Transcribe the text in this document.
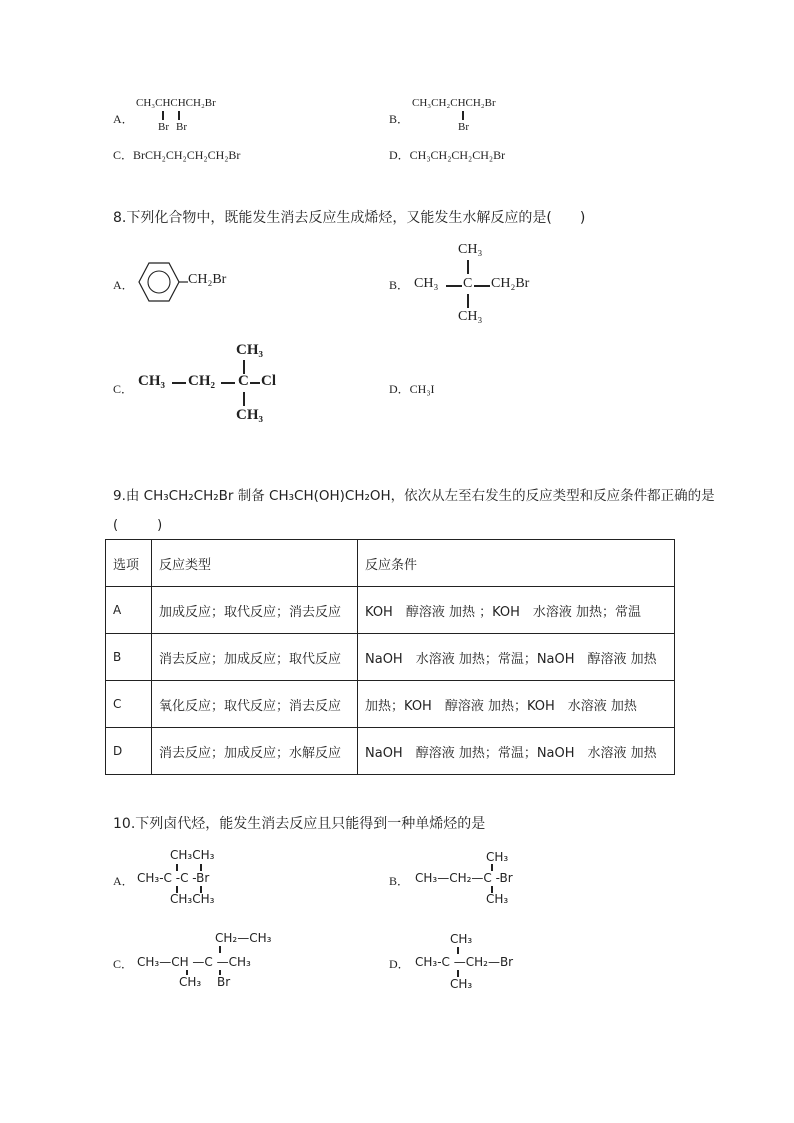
A．
CH₃CHCHCH₂Br
Br Br
B．
CH₃CH₂CHCH₂Br
Br
C．BrCH₂CH₂CH₂CH₂Br	D．CH₃CH₂CH₂CH₂Br
8.下列化合物中，既能发生消去反应生成烯烃，又能发生水解反应的是(　　)
A．	CH₂Br	B．
CH₃
CH₃ C CH₂Br
CH₃
C．
CH₃
CH₃ CH₂ C Cl
CH₃
D．CH₃I
9.由 CH₃CH₂CH₂Br 制备 CH₃CH(OH)CH₂OH，依次从左至右发生的反应类型和反应条件都正确的是
(　　　)
选项	反应类型	反应条件
A	加成反应；取代反应；消去反应	KOH　醇溶液 加热 ；KOH　水溶液 加热；常温
B	消去反应；加成反应；取代反应	NaOH　水溶液 加热；常温；NaOH　醇溶液 加热
C	氧化反应；取代反应；消去反应	加热；KOH　醇溶液 加热；KOH　水溶液 加热
D	消去反应；加成反应；水解反应	NaOH　醇溶液 加热；常温；NaOH　水溶液 加热
10.下列卤代烃，能发生消去反应且只能得到一种单烯烃的是
A．
CH₃CH₃
CH₃-C -C -Br
CH₃CH₃
B．
CH₃
CH₃—CH₂—C -Br
CH₃
C．
CH₂—CH₃
CH₃—CH —C —CH₃
CH₃ Br
D．
CH₃
CH₃-C —CH₂—Br
CH₃
